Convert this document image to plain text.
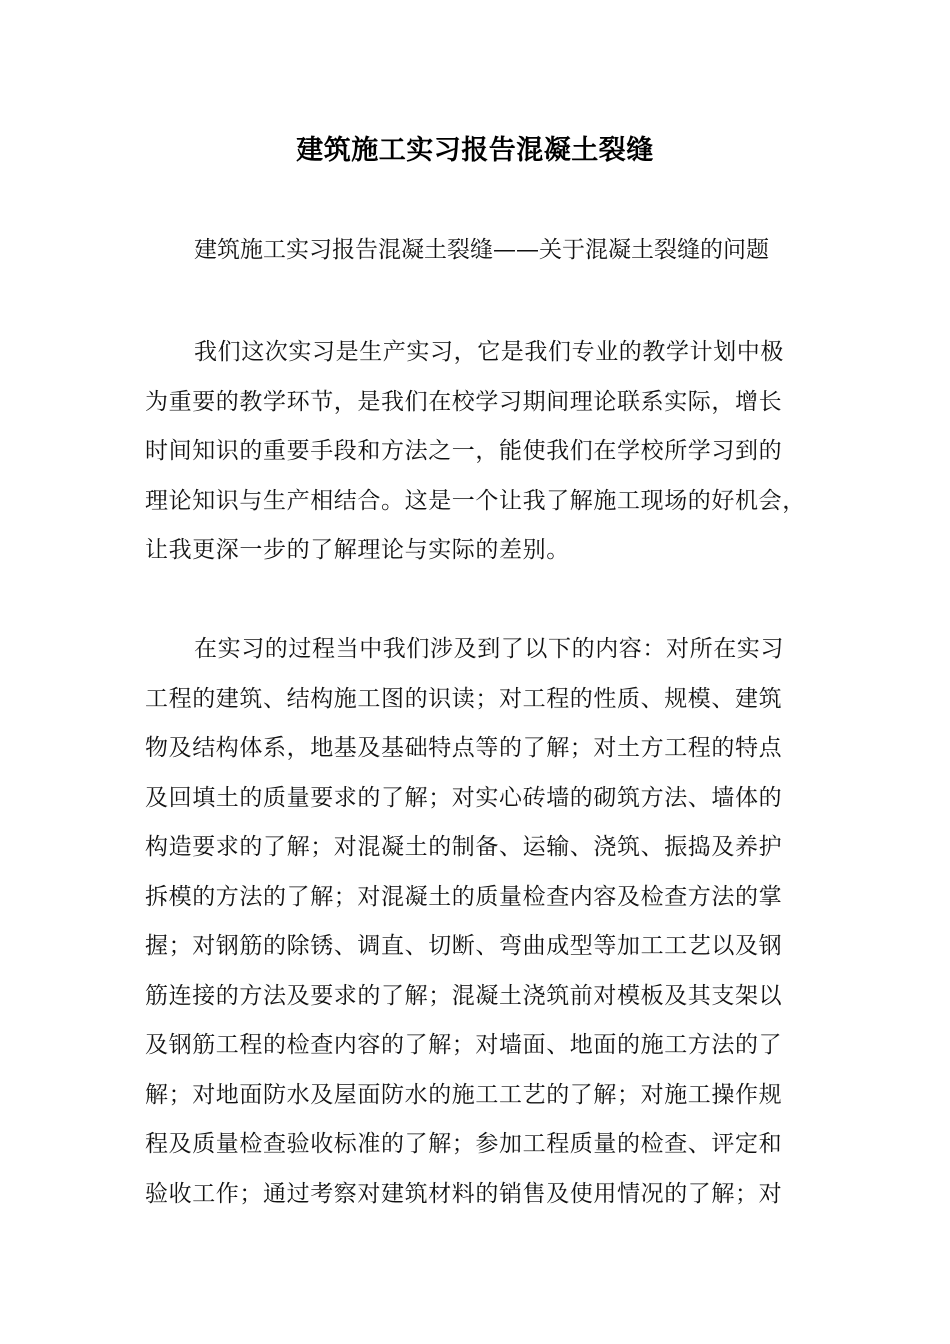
建筑施工实习报告混凝土裂缝
建筑施工实习报告混凝土裂缝——关于混凝土裂缝的问题
我们这次实习是生产实习，它是我们专业的教学计划中极
为重要的教学环节，是我们在校学习期间理论联系实际，增长
时间知识的重要手段和方法之一，能使我们在学校所学习到的
理论知识与生产相结合。这是一个让我了解施工现场的好机会，
让我更深一步的了解理论与实际的差别。
在实习的过程当中我们涉及到了以下的内容：对所在实习
工程的建筑、结构施工图的识读；对工程的性质、规模、建筑
物及结构体系，地基及基础特点等的了解；对土方工程的特点
及回填土的质量要求的了解；对实心砖墙的砌筑方法、墙体的
构造要求的了解；对混凝土的制备、运输、浇筑、振捣及养护
拆模的方法的了解；对混凝土的质量检查内容及检查方法的掌
握；对钢筋的除锈、调直、切断、弯曲成型等加工工艺以及钢
筋连接的方法及要求的了解；混凝土浇筑前对模板及其支架以
及钢筋工程的检查内容的了解；对墙面、地面的施工方法的了
解；对地面防水及屋面防水的施工工艺的了解；对施工操作规
程及质量检查验收标准的了解；参加工程质量的检查、评定和
验收工作；通过考察对建筑材料的销售及使用情况的了解；对
